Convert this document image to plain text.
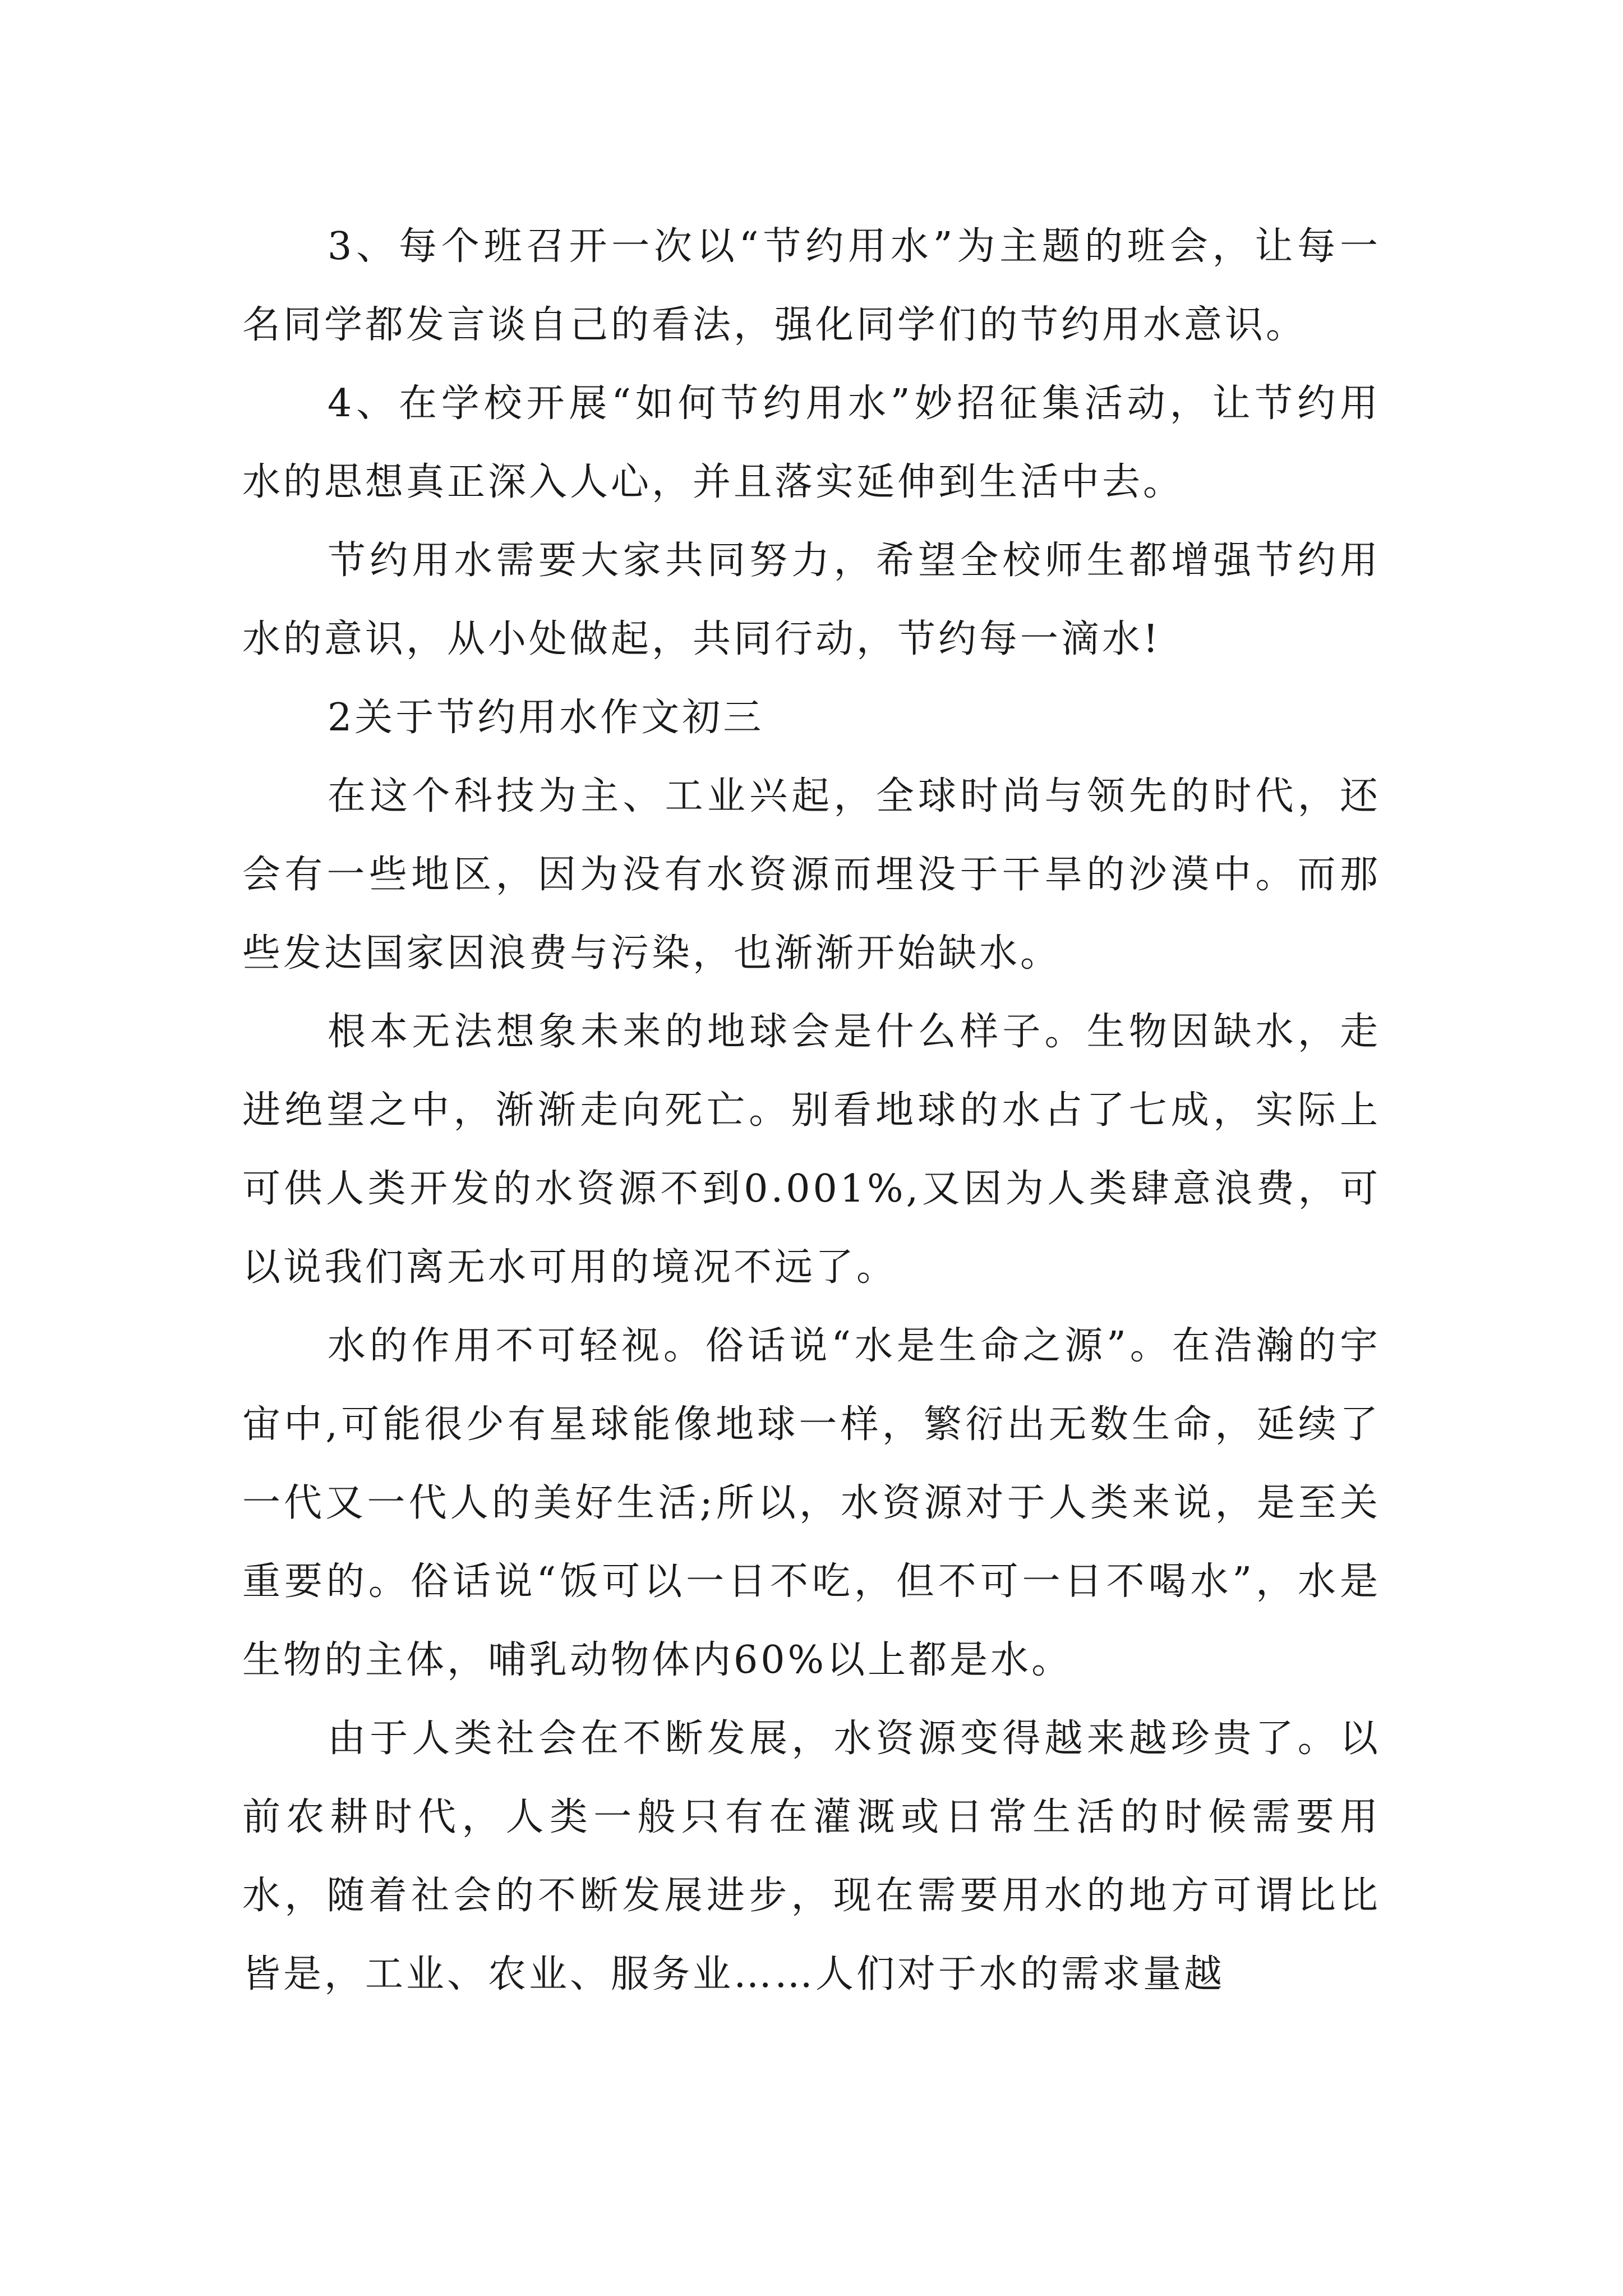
3、每个班召开一次以“节约用水”为主题的班会，让每一名同学都发言谈自己的看法，强化同学们的节约用水意识。

4、在学校开展“如何节约用水”妙招征集活动，让节约用水的思想真正深入人心，并且落实延伸到生活中去。

节约用水需要大家共同努力，希望全校师生都增强节约用水的意识，从小处做起，共同行动，节约每一滴水!

2关于节约用水作文初三

在这个科技为主、工业兴起，全球时尚与领先的时代，还会有一些地区，因为没有水资源而埋没于干旱的沙漠中。而那些发达国家因浪费与污染，也渐渐开始缺水。

根本无法想象未来的地球会是什么样子。生物因缺水，走进绝望之中，渐渐走向死亡。别看地球的水占了七成，实际上可供人类开发的水资源不到0.001%,又因为人类肆意浪费，可以说我们离无水可用的境况不远了。

水的作用不可轻视。俗话说“水是生命之源”。在浩瀚的宇宙中,可能很少有星球能像地球一样，繁衍出无数生命，延续了一代又一代人的美好生活;所以，水资源对于人类来说，是至关重要的。俗话说“饭可以一日不吃，但不可一日不喝水”，水是生物的主体，哺乳动物体内60%以上都是水。

由于人类社会在不断发展，水资源变得越来越珍贵了。以前农耕时代，人类一般只有在灌溉或日常生活的时候需要用水，随着社会的不断发展进步，现在需要用水的地方可谓比比皆是，工业、农业、服务业……人们对于水的需求量越
